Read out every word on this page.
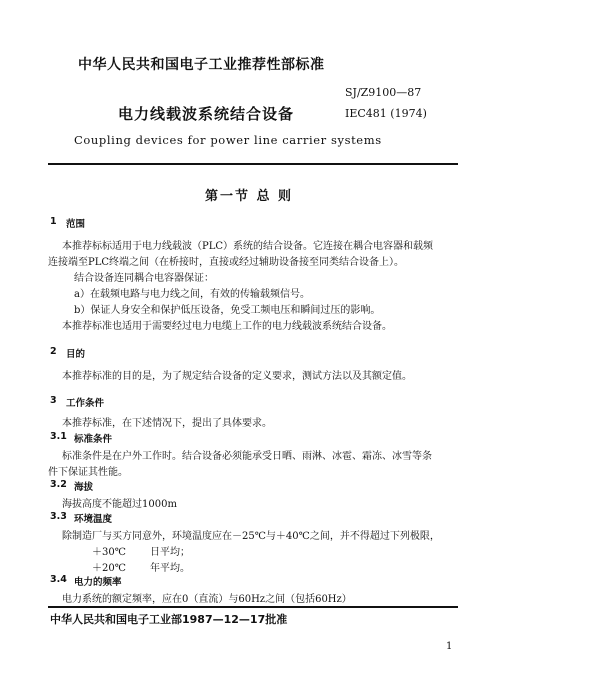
中华人民共和国电子工业推荐性部标准
SJ/Z9100—87
电力线载波系统结合设备	IEC481 (1974)
Coupling devices for power line carrier systems
第一节 总 则
1 范围
本推荐标标适用于电力线载波（PLC）系统的结合设备。它连接在耦合电容器和载频
连接端至PLC终端之间（在桥接时，直接或经过辅助设备接至同类结合设备上）。
结合设备连同耦合电容器保证：
a）在载频电路与电力线之间，有效的传输载频信号。
b）保证人身安全和保护低压设备，免受工频电压和瞬间过压的影响。
本推荐标准也适用于需要经过电力电缆上工作的电力线载波系统结合设备。
2 目的
本推荐标准的目的是，为了规定结合设备的定义要求，测试方法以及其额定值。
3 工作条件
本推荐标准，在下述情况下，提出了具体要求。
3.1 标准条件
标准条件是在户外工作时。结合设备必须能承受日晒、雨淋、冰雹、霜冻、冰雪等条
件下保证其性能。
3.2 海拔
海拔高度不能超过1000m
3.3 环境温度
除制造厂与买方同意外，环境温度应在－25℃与＋40℃之间，并不得超过下列极限，
＋30℃ 日平均；
＋20℃ 年平均。
3.4 电力的频率
电力系统的额定频率，应在0（直流）与60Hz之间（包括60Hz）
中华人民共和国电子工业部1987—12—17批准
1
